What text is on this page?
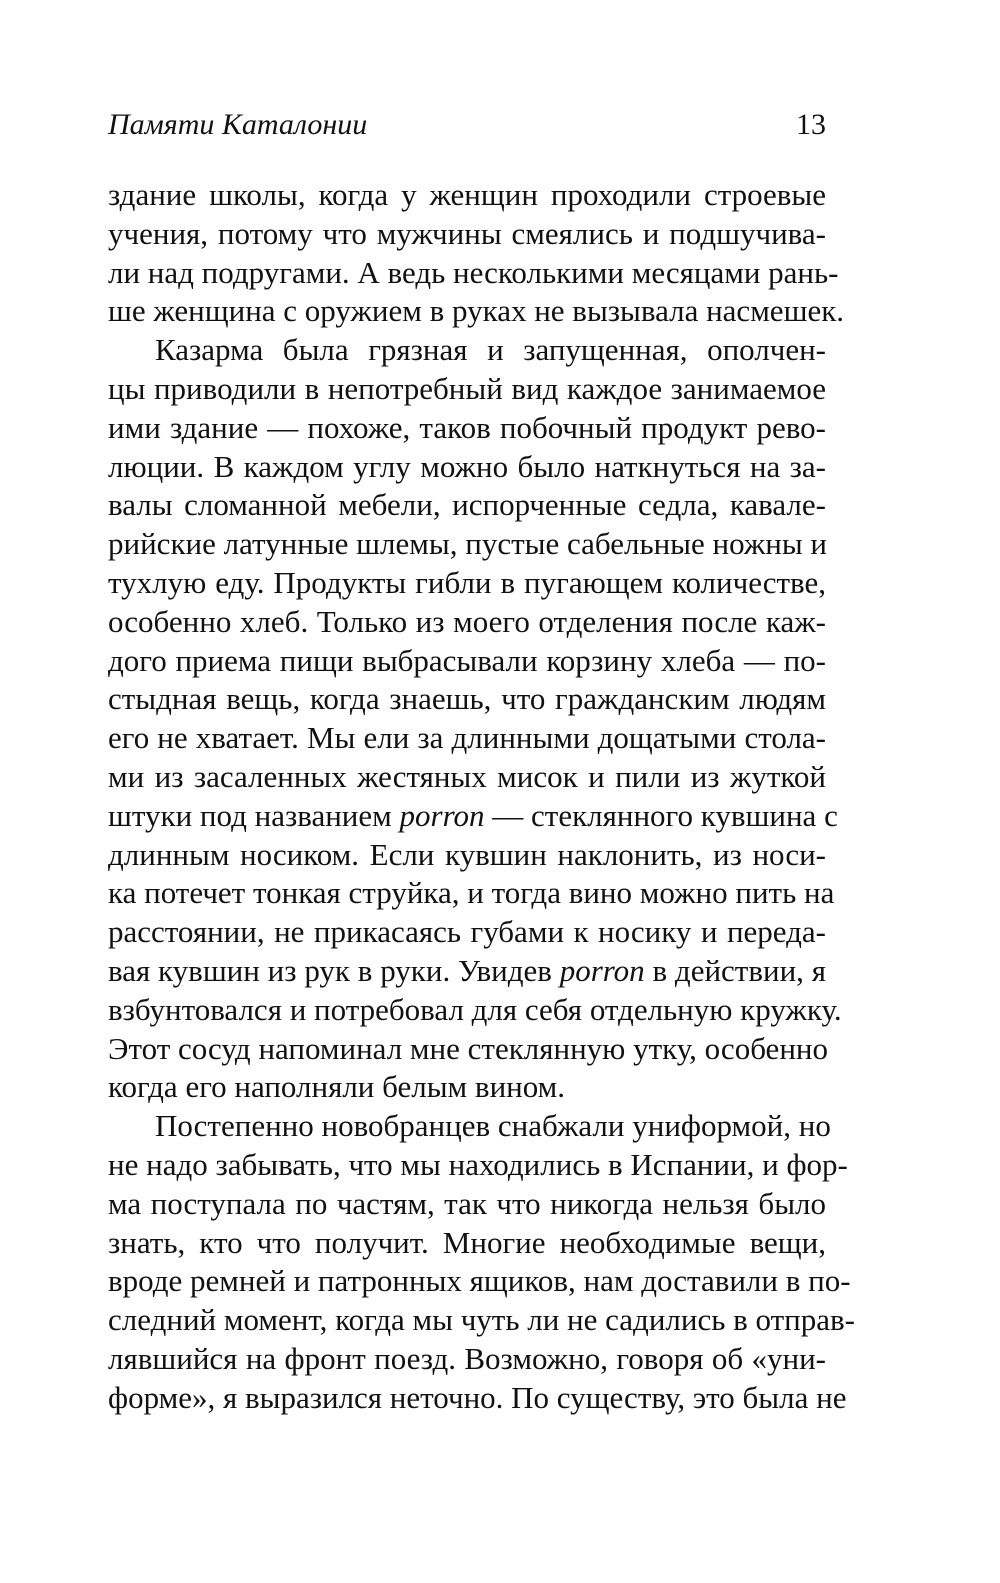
Памяти Каталонии	13

здание школы, когда у женщин проходили строевые
учения, потому что мужчины смеялись и подшучива-
ли над подругами. А ведь несколькими месяцами рань-
ше женщина с оружием в руках не вызывала насмешек.

Казарма была грязная и запущенная, ополчен-
цы приводили в непотребный вид каждое занимаемое
ими здание — похоже, таков побочный продукт рево-
люции. В каждом углу можно было наткнуться на за-
валы сломанной мебели, испорченные седла, кавале-
рийские латунные шлемы, пустые сабельные ножны и
тухлую еду. Продукты гибли в пугающем количестве,
особенно хлеб. Только из моего отделения после каж-
дого приема пищи выбрасывали корзину хлеба — по-
стыдная вещь, когда знаешь, что гражданским людям
его не хватает. Мы ели за длинными дощатыми стола-
ми из засаленных жестяных мисок и пили из жуткой
штуки под названием porron — стеклянного кувшина с
длинным носиком. Если кувшин наклонить, из носи-
ка потечет тонкая струйка, и тогда вино можно пить на
расстоянии, не прикасаясь губами к носику и переда-
вая кувшин из рук в руки. Увидев porron в действии, я
взбунтовался и потребовал для себя отдельную кружку.
Этот сосуд напоминал мне стеклянную утку, особенно
когда его наполняли белым вином.

Постепенно новобранцев снабжали униформой, но
не надо забывать, что мы находились в Испании, и фор-
ма поступала по частям, так что никогда нельзя было
знать, кто что получит. Многие необходимые вещи,
вроде ремней и патронных ящиков, нам доставили в по-
следний момент, когда мы чуть ли не садились в отправ-
лявшийся на фронт поезд. Возможно, говоря об «уни-
форме», я выразился неточно. По существу, это была не
